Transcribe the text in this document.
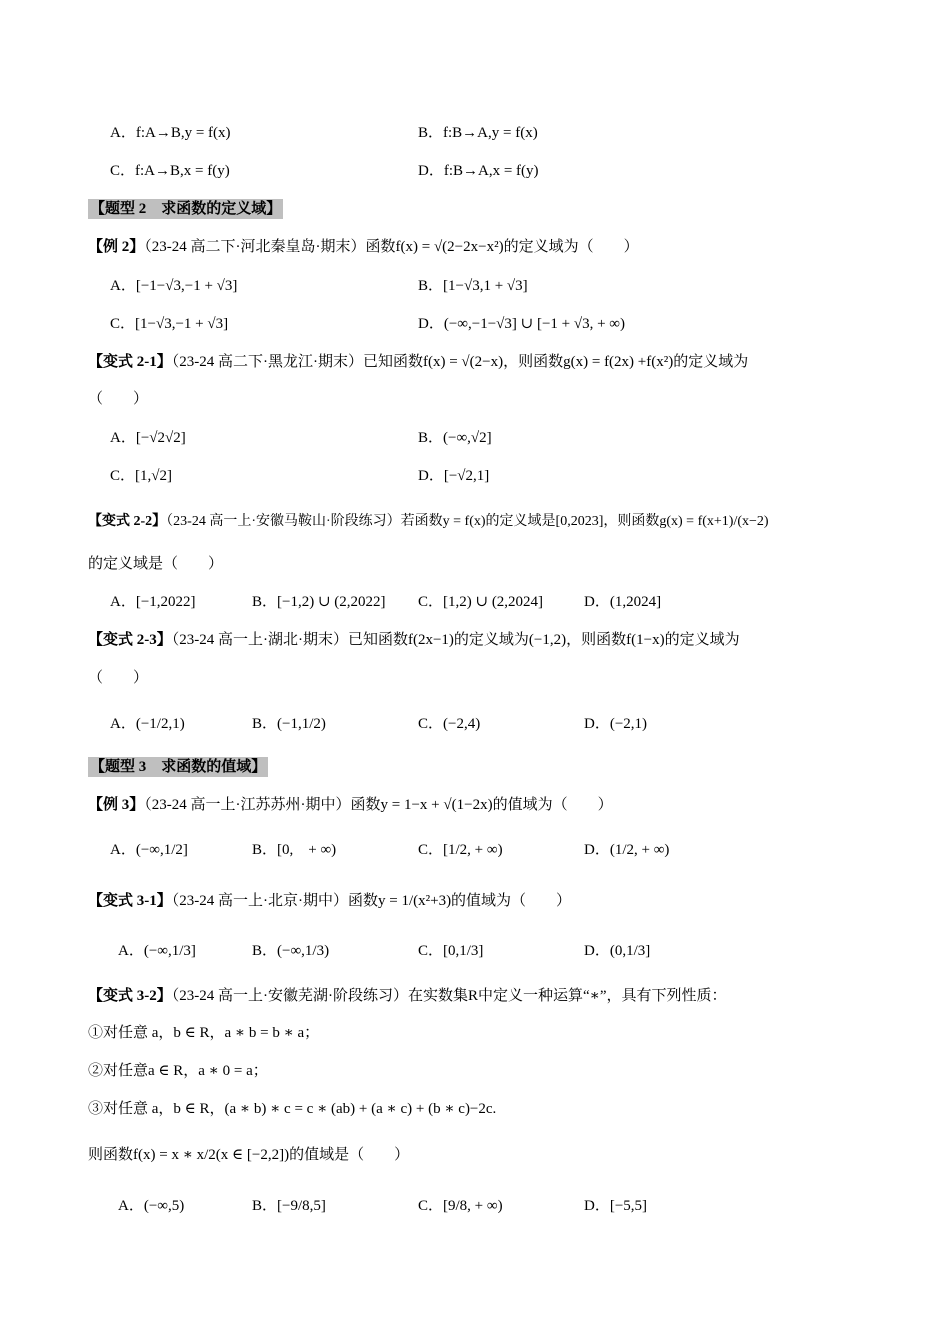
A．f:A→B,y = f(x)	B．f:B→A,y = f(x)
C．f:A→B,x = f(y)	D．f:B→A,x = f(y)
【题型 2　求函数的定义域】
【例 2】（23-24 高二下·河北秦皇岛·期末）函数f(x) = √(2−2x−x²)的定义域为（　　）
A．[−1−√3,−1 + √3]	B．[1−√3,1 + √3]
C．[1−√3,−1 + √3]	D．(−∞,−1−√3] ∪ [−1 + √3, + ∞)
【变式 2-1】（23-24 高二下·黑龙江·期末）已知函数f(x) = √(2−x)，则函数g(x) = f(2x) +f(x²)的定义域为
（　　）
A．[−√2√2]	B．(−∞,√2]
C．[1,√2]	D．[−√2,1]
【变式 2-2】（23-24 高一上·安徽马鞍山·阶段练习）若函数y = f(x)的定义域是[0,2023]，则函数g(x) = f(x+1)/(x−2)
的定义域是（　　）
A．[−1,2022]	B．[−1,2) ∪ (2,2022] C．[1,2) ∪ (2,2024]	D．(1,2024]
【变式 2-3】（23-24 高一上·湖北·期末）已知函数f(2x−1)的定义域为(−1,2)，则函数f(1−x)的定义域为
（　　）
A．(−1/2,1)	B．(−1,1/2)	C．(−2,4)	D．(−2,1)
【题型 3　求函数的值域】
【例 3】（23-24 高一上·江苏苏州·期中）函数y = 1−x + √(1−2x)的值域为（　　）
A．(−∞,1/2]	B．[0,　+ ∞)	C．[1/2, + ∞)	D．(1/2, + ∞)
【变式 3-1】（23-24 高一上·北京·期中）函数y = 1/(x²+3)的值域为（　　）
A．(−∞,1/3]	B．(−∞,1/3)	C．[0,1/3]	D．(0,1/3]
【变式 3-2】（23-24 高一上·安徽芜湖·阶段练习）在实数集R中定义一种运算“∗”，具有下列性质：
①对任意 a，b ∈ R，a ∗ b = b ∗ a；
②对任意a ∈ R，a ∗ 0 = a；
③对任意 a，b ∈ R，(a ∗ b) ∗ c = c ∗ (ab) + (a ∗ c) + (b ∗ c)−2c.
则函数f(x) = x ∗ x/2(x ∈ [−2,2])的值域是（　　）
A．(−∞,5)	B．[−9/8,5]	C．[9/8, + ∞)	D．[−5,5]
